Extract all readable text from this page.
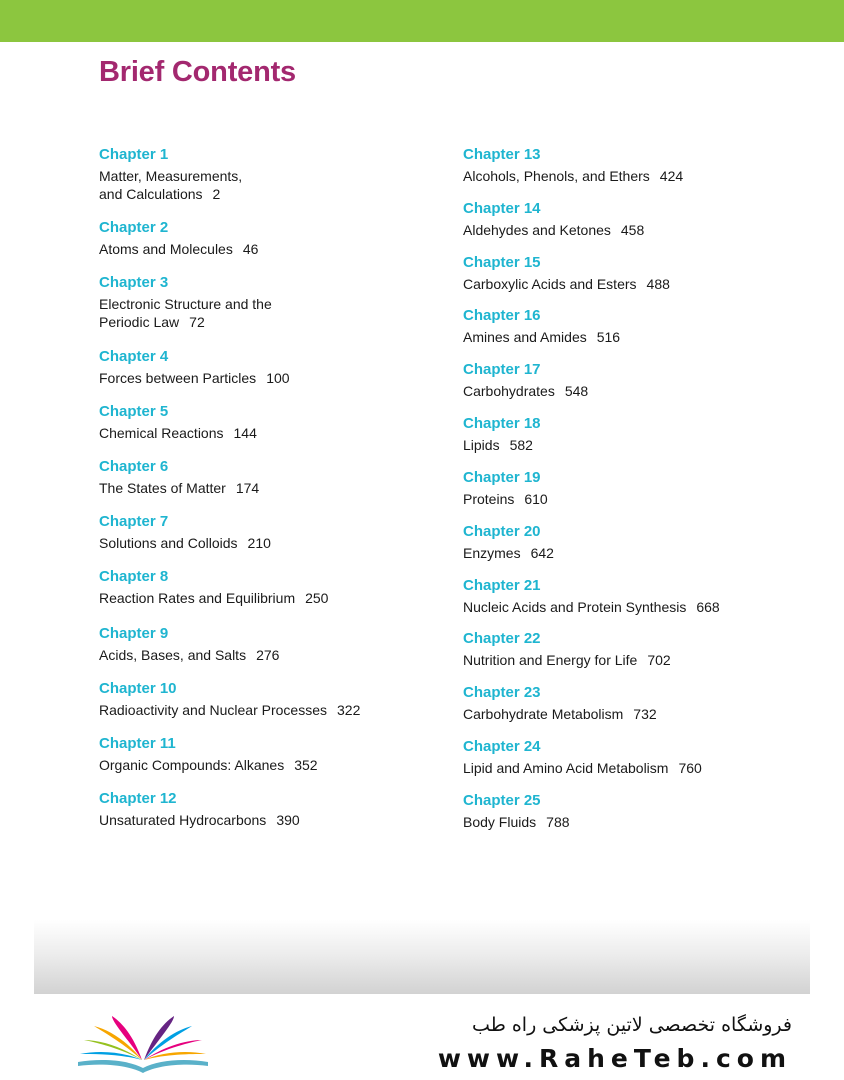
Brief Contents
Chapter 1
Matter, Measurements,
and Calculations 2
Chapter 2
Atoms and Molecules 46
Chapter 3
Electronic Structure and the
Periodic Law 72
Chapter 4
Forces between Particles 100
Chapter 5
Chemical Reactions 144
Chapter 6
The States of Matter 174
Chapter 7
Solutions and Colloids 210
Chapter 8
Reaction Rates and Equilibrium 250
Chapter 9
Acids, Bases, and Salts 276
Chapter 10
Radioactivity and Nuclear Processes 322
Chapter 11
Organic Compounds: Alkanes 352
Chapter 12
Unsaturated Hydrocarbons 390
Chapter 13
Alcohols, Phenols, and Ethers 424
Chapter 14
Aldehydes and Ketones 458
Chapter 15
Carboxylic Acids and Esters 488
Chapter 16
Amines and Amides 516
Chapter 17
Carbohydrates 548
Chapter 18
Lipids 582
Chapter 19
Proteins 610
Chapter 20
Enzymes 642
Chapter 21
Nucleic Acids and Protein Synthesis 668
Chapter 22
Nutrition and Energy for Life 702
Chapter 23
Carbohydrate Metabolism 732
Chapter 24
Lipid and Amino Acid Metabolism 760
Chapter 25
Body Fluids 788
فروشگاه تخصصی لاتین پزشکی راه طب
www.RaheTeb.com
